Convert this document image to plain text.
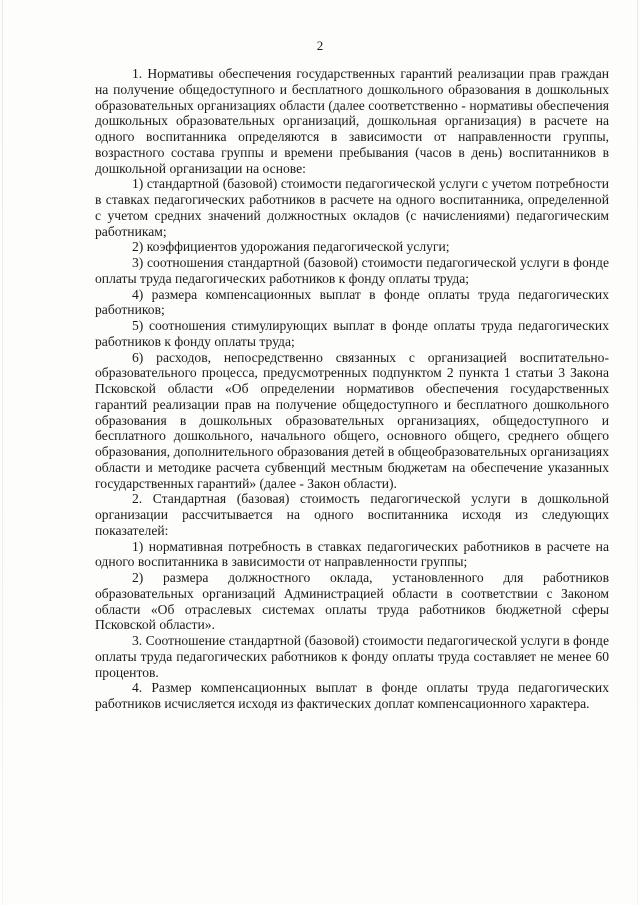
2

1. Нормативы обеспечения государственных гарантий реализации прав граждан на получение общедоступного и бесплатного дошкольного образования в дошкольных образовательных организациях области (далее соответственно - нормативы обеспечения дошкольных образовательных организаций, дошкольная организация) в расчете на одного воспитанника определяются в зависимости от направленности группы, возрастного состава группы и времени пребывания (часов в день) воспитанников в дошкольной организации на основе:

1) стандартной (базовой) стоимости педагогической услуги с учетом потребности в ставках педагогических работников в расчете на одного воспитанника, определенной с учетом средних значений должностных окладов (с начислениями) педагогическим работникам;

2) коэффициентов удорожания педагогической услуги;

3) соотношения стандартной (базовой) стоимости педагогической услуги в фонде оплаты труда педагогических работников к фонду оплаты труда;

4) размера компенсационных выплат в фонде оплаты труда педагогических работников;

5) соотношения стимулирующих выплат в фонде оплаты труда педагогических работников к фонду оплаты труда;

6) расходов, непосредственно связанных с организацией воспитательно-образовательного процесса, предусмотренных подпунктом 2 пункта 1 статьи 3 Закона Псковской области «Об определении нормативов обеспечения государственных гарантий реализации прав на получение общедоступного и бесплатного дошкольного образования в дошкольных образовательных организациях, общедоступного и бесплатного дошкольного, начального общего, основного общего, среднего общего образования, дополнительного образования детей в общеобразовательных организациях области и методике расчета субвенций местным бюджетам на обеспечение указанных государственных гарантий» (далее - Закон области).

2. Стандартная (базовая) стоимость педагогической услуги в дошкольной организации рассчитывается на одного воспитанника исходя из следующих показателей:

1) нормативная потребность в ставках педагогических работников в расчете на одного воспитанника в зависимости от направленности группы;

2) размера должностного оклада, установленного для работников образовательных организаций Администрацией области в соответствии с Законом области «Об отраслевых системах оплаты труда работников бюджетной сферы Псковской области».

3. Соотношение стандартной (базовой) стоимости педагогической услуги в фонде оплаты труда педагогических работников к фонду оплаты труда составляет не менее 60 процентов.

4. Размер компенсационных выплат в фонде оплаты труда педагогических работников исчисляется исходя из фактических доплат компенсационного характера.
